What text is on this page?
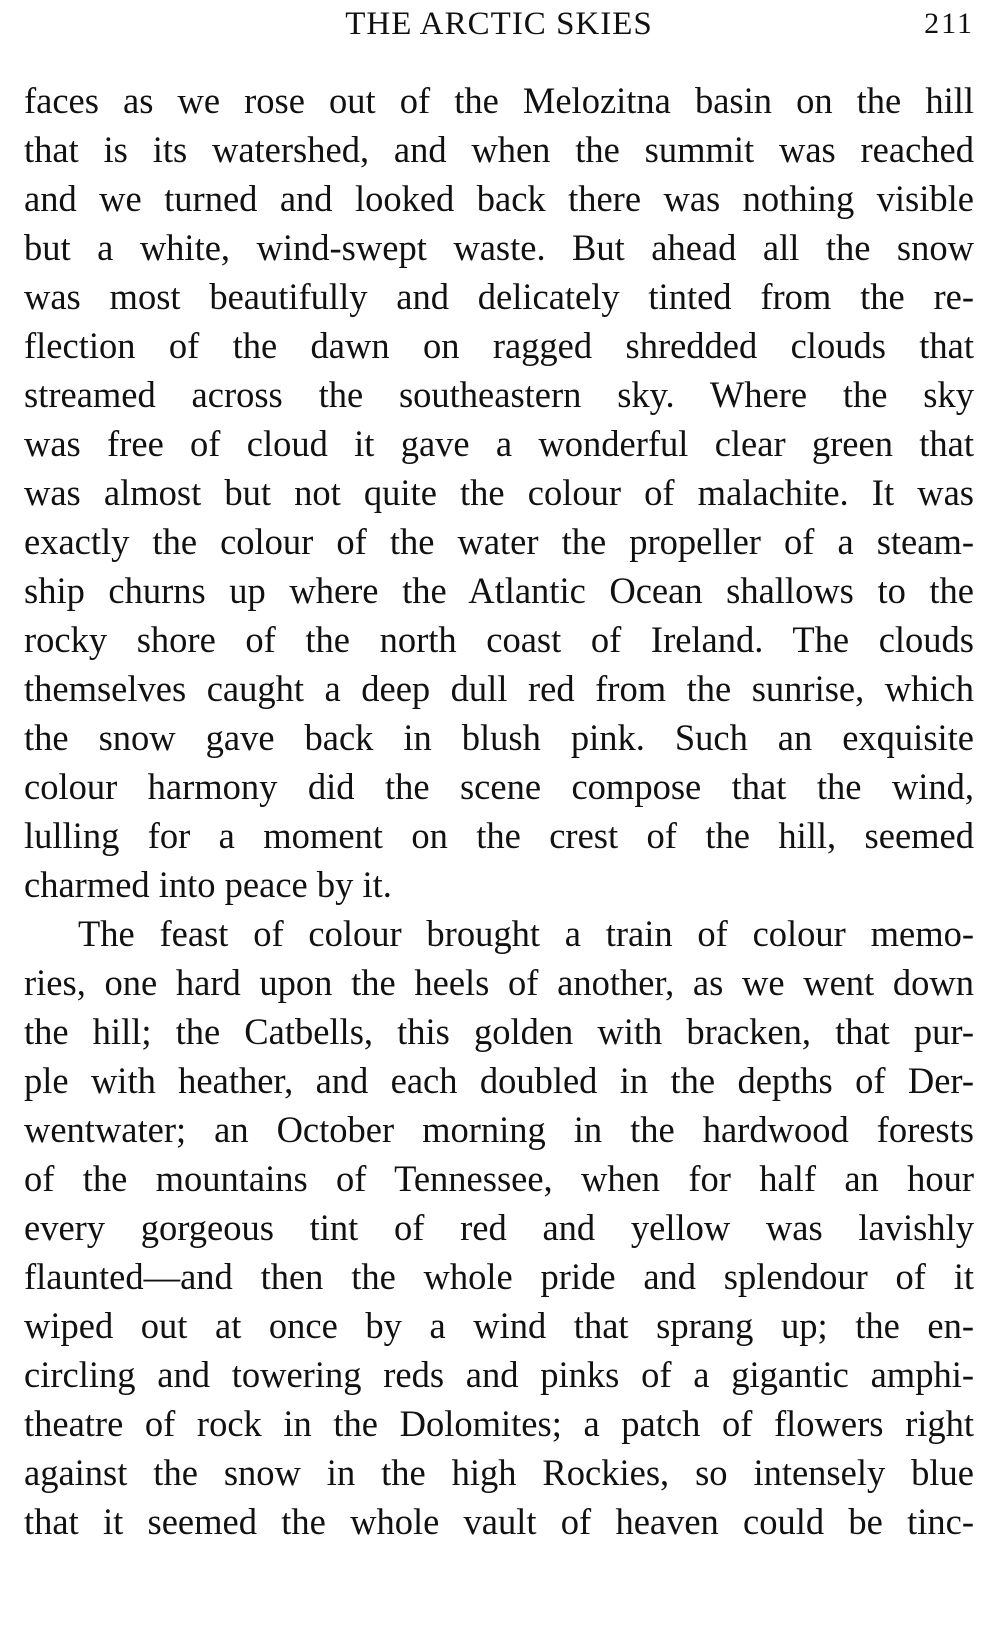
THE ARCTIC SKIES	211
faces as we rose out of the Melozitna basin on the hill
that is its watershed, and when the summit was reached
and we turned and looked back there was nothing visible
but a white, wind-swept waste. But ahead all the snow
was most beautifully and delicately tinted from the re-
flection of the dawn on ragged shredded clouds that
streamed across the southeastern sky. Where the sky
was free of cloud it gave a wonderful clear green that
was almost but not quite the colour of malachite. It was
exactly the colour of the water the propeller of a steam-
ship churns up where the Atlantic Ocean shallows to the
rocky shore of the north coast of Ireland. The clouds
themselves caught a deep dull red from the sunrise, which
the snow gave back in blush pink. Such an exquisite
colour harmony did the scene compose that the wind,
lulling for a moment on the crest of the hill, seemed
charmed into peace by it.
The feast of colour brought a train of colour memo-
ries, one hard upon the heels of another, as we went down
the hill; the Catbells, this golden with bracken, that pur-
ple with heather, and each doubled in the depths of Der-
wentwater; an October morning in the hardwood forests
of the mountains of Tennessee, when for half an hour
every gorgeous tint of red and yellow was lavishly
flaunted—and then the whole pride and splendour of it
wiped out at once by a wind that sprang up; the en-
circling and towering reds and pinks of a gigantic amphi-
theatre of rock in the Dolomites; a patch of flowers right
against the snow in the high Rockies, so intensely blue
that it seemed the whole vault of heaven could be tinc-
